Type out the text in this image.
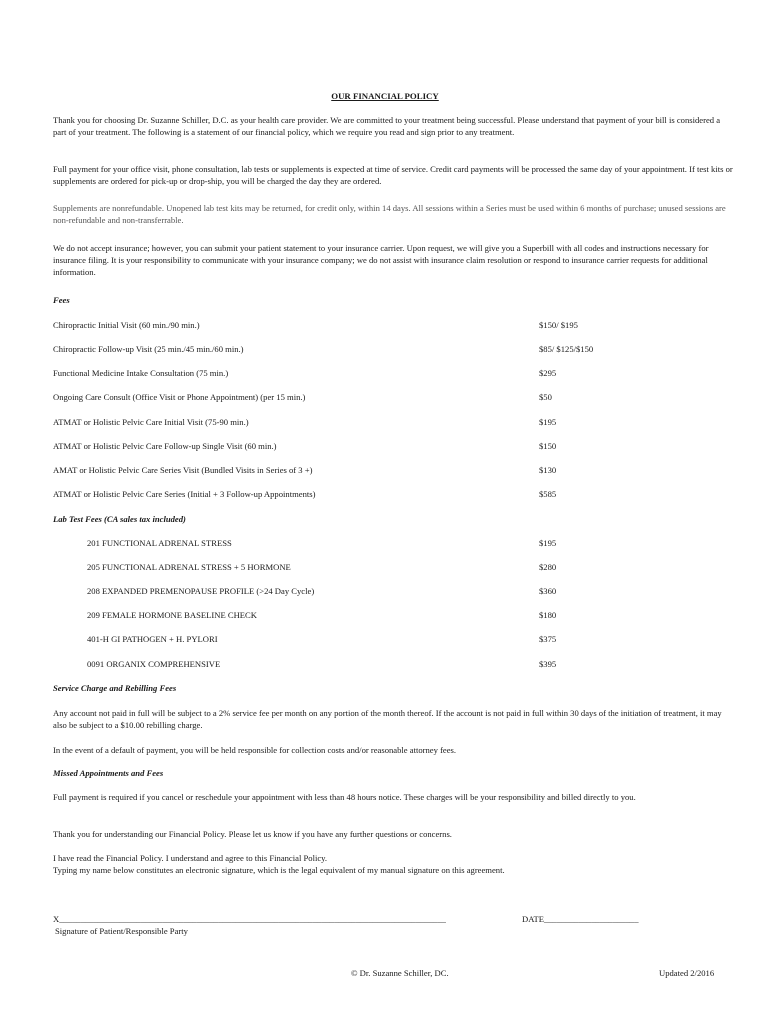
OUR FINANCIAL POLICY

Thank you for choosing Dr. Suzanne Schiller, D.C. as your health care provider. We are committed to your treatment being successful. Please understand that payment of your bill is considered a part of your treatment. The following is a statement of our financial policy, which we require you read and sign prior to any treatment.

Full payment for your office visit, phone consultation, lab tests or supplements is expected at time of service. Credit card payments will be processed the same day of your appointment. If test kits or supplements are ordered for pick-up or drop-ship, you will be charged the day they are ordered.

Supplements are nonrefundable. Unopened lab test kits may be returned, for credit only, within 14 days. All sessions within a Series must be used within 6 months of purchase; unused sessions are non-refundable and non-transferrable.

We do not accept insurance; however, you can submit your patient statement to your insurance carrier. Upon request, we will give you a Superbill with all codes and instructions necessary for insurance filing. It is your responsibility to communicate with your insurance company; we do not assist with insurance claim resolution or respond to insurance carrier requests for additional information.

Fees
Chiropractic Initial Visit (60 min./90 min.)	$150/ $195
Chiropractic Follow-up Visit (25 min./45 min./60 min.)	$85/ $125/$150
Functional Medicine Intake Consultation (75 min.)	$295
Ongoing Care Consult (Office Visit or Phone Appointment) (per 15 min.)	$50
ATMAT or Holistic Pelvic Care Initial Visit (75-90 min.)	$195
ATMAT or Holistic Pelvic Care Follow-up Single Visit (60 min.)	$150
AMAT or Holistic Pelvic Care Series Visit (Bundled Visits in Series of 3 +)	$130
ATMAT or Holistic Pelvic Care Series (Initial + 3 Follow-up Appointments)	$585
Lab Test Fees (CA sales tax included)
201 FUNCTIONAL ADRENAL STRESS	$195
205 FUNCTIONAL ADRENAL STRESS + 5 HORMONE	$280
208 EXPANDED PREMENOPAUSE PROFILE (>24 Day Cycle)	$360
209 FEMALE HORMONE BASELINE CHECK	$180
401-H GI PATHOGEN + H. PYLORI	$375
0091 ORGANIX COMPREHENSIVE	$395
Service Charge and Rebilling Fees

Any account not paid in full will be subject to a 2% service fee per month on any portion of the month thereof. If the account is not paid in full within 30 days of the initiation of treatment, it may also be subject to a $10.00 rebilling charge.

In the event of a default of payment, you will be held responsible for collection costs and/or reasonable attorney fees.

Missed Appointments and Fees

Full payment is required if you cancel or reschedule your appointment with less than 48 hours notice. These charges will be your responsibility and billed directly to you.

Thank you for understanding our Financial Policy. Please let us know if you have any further questions or concerns.

I have read the Financial Policy. I understand and agree to this Financial Policy.

Typing my name below constitutes an electronic signature, which is the legal equivalent of my manual signature on this agreement.

X__________________________________________________________________________________________
Signature of Patient/Responsible Party
DATE______________________
© Dr. Suzanne Schiller, DC.	Updated 2/2016
